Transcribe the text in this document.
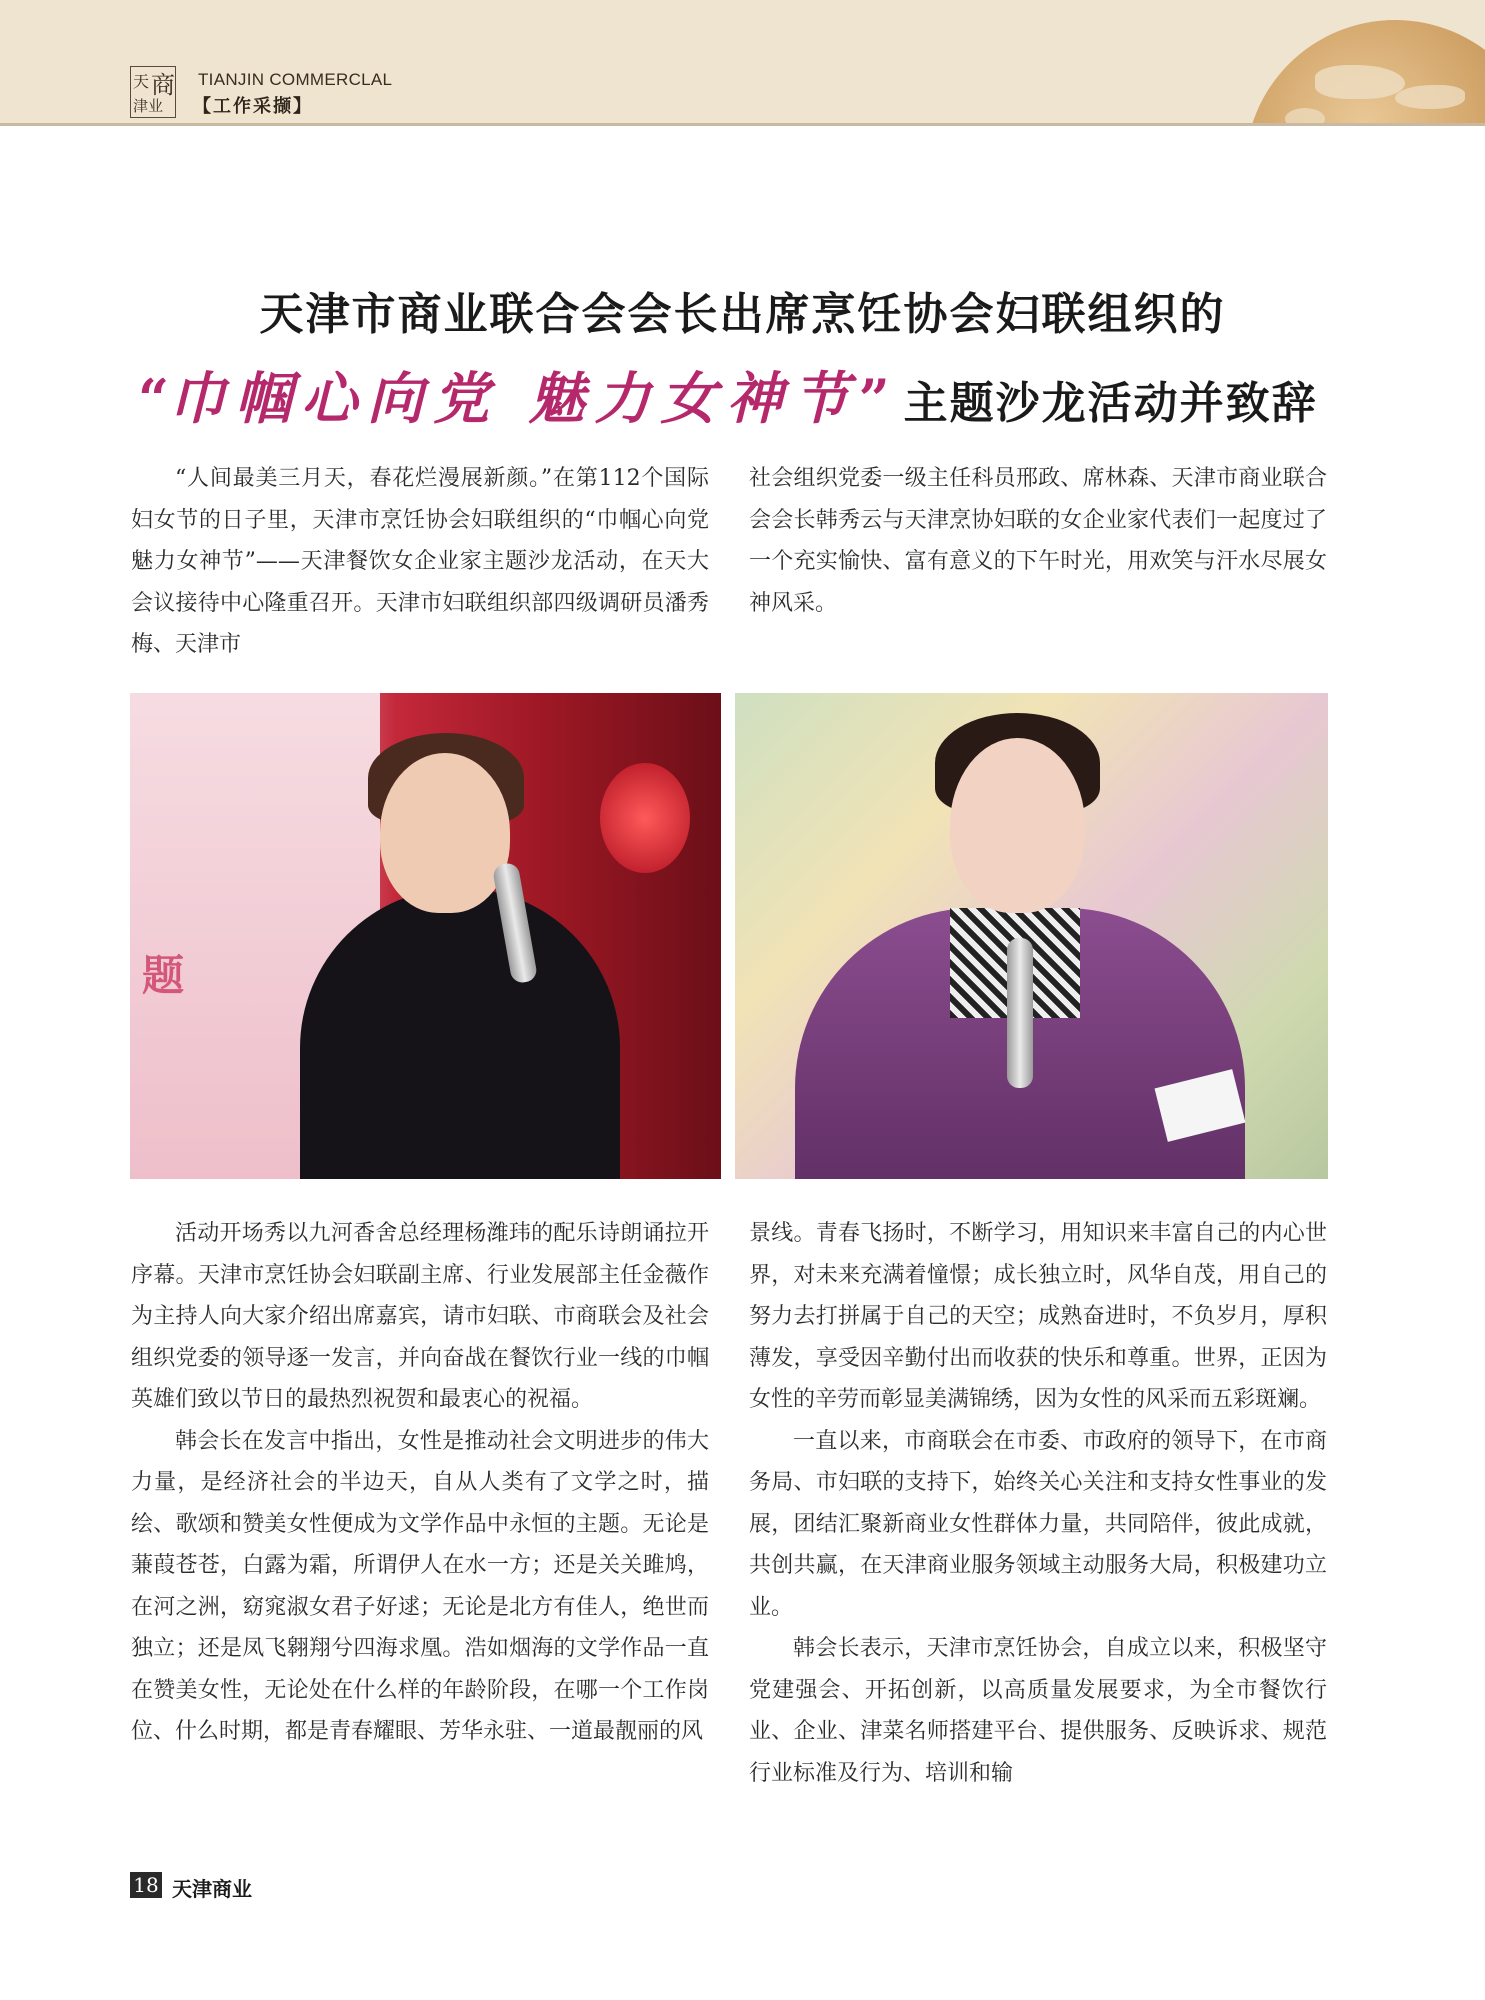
天 商
津业
TIANJIN COMMERCLAL
【工作采撷】
天津市商业联合会会长出席烹饪协会妇联组织的
“巾帼心向党 魅力女神节” 主题沙龙活动并致辞

“人间最美三月天，春花烂漫展新颜。”在第112个国际妇女节的日子里，天津市烹饪协会妇联组织的“巾帼心向党 魅力女神节”——天津餐饮女企业家主题沙龙活动，在天大会议接待中心隆重召开。天津市妇联组织部四级调研员潘秀梅、天津市

社会组织党委一级主任科员邢政、席林森、天津市商业联合会会长韩秀云与天津烹协妇联的女企业家代表们一起度过了一个充实愉快、富有意义的下午时光，用欢笑与汗水尽展女神风采。

题

活动开场秀以九河香舍总经理杨潍玮的配乐诗朗诵拉开序幕。天津市烹饪协会妇联副主席、行业发展部主任金薇作为主持人向大家介绍出席嘉宾，请市妇联、市商联会及社会组织党委的领导逐一发言，并向奋战在餐饮行业一线的巾帼英雄们致以节日的最热烈祝贺和最衷心的祝福。

韩会长在发言中指出，女性是推动社会文明进步的伟大力量，是经济社会的半边天，自从人类有了文学之时，描绘、歌颂和赞美女性便成为文学作品中永恒的主题。无论是蒹葭苍苍，白露为霜，所谓伊人在水一方；还是关关雎鸠，在河之洲，窈窕淑女君子好逑；无论是北方有佳人，绝世而独立；还是凤飞翱翔兮四海求凰。浩如烟海的文学作品一直在赞美女性，无论处在什么样的年龄阶段，在哪一个工作岗位、什么时期，都是青春耀眼、芳华永驻、一道最靓丽的风

景线。青春飞扬时，不断学习，用知识来丰富自己的内心世界，对未来充满着憧憬；成长独立时，风华自茂，用自己的努力去打拼属于自己的天空；成熟奋进时，不负岁月，厚积薄发，享受因辛勤付出而收获的快乐和尊重。世界，正因为女性的辛劳而彰显美满锦绣，因为女性的风采而五彩斑斓。

一直以来，市商联会在市委、市政府的领导下，在市商务局、市妇联的支持下，始终关心关注和支持女性事业的发展，团结汇聚新商业女性群体力量，共同陪伴，彼此成就，共创共赢，在天津商业服务领域主动服务大局，积极建功立业。

韩会长表示，天津市烹饪协会，自成立以来，积极坚守党建强会、开拓创新，以高质量发展要求，为全市餐饮行业、企业、津菜名师搭建平台、提供服务、反映诉求、规范行业标准及行为、培训和输

18 天津商业
